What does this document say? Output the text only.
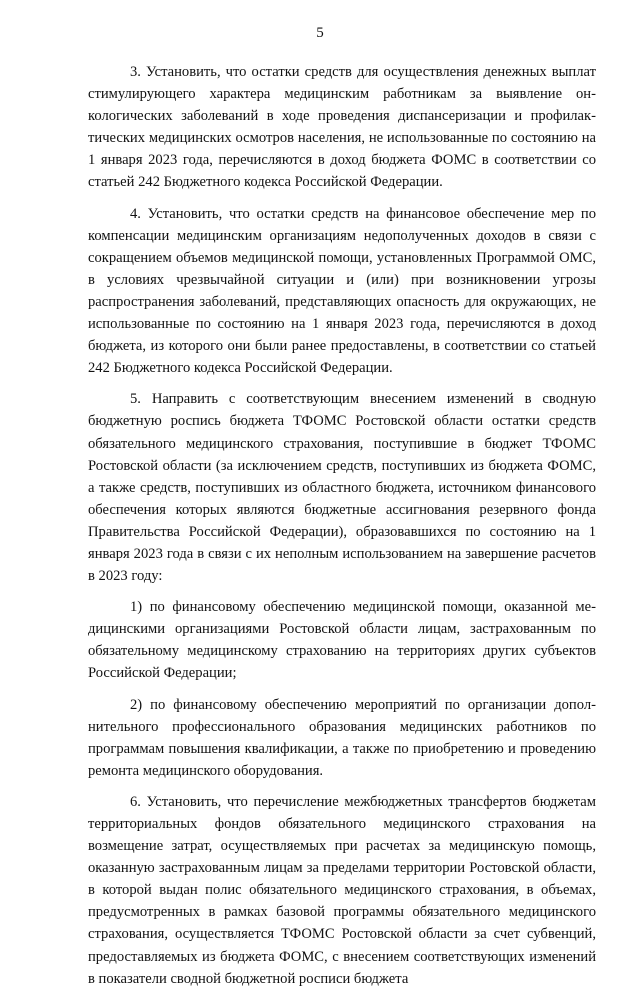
5

3. Установить, что остатки средств для осуществления денежных выплат стимулирующего характера медицинским работникам за выявление онкологических заболеваний в ходе проведения диспансеризации и профилактических медицинских осмотров населения, не использованные по состоянию на 1 января 2023 года, перечисляются в доход бюджета ФОМС в соответствии со статьей 242 Бюджетного кодекса Российской Федерации.

4. Установить, что остатки средств на финансовое обеспечение мер по компенсации медицинским организациям недополученных доходов в связи с сокращением объемов медицинской помощи, установленных Программой ОМС, в условиях чрезвычайной ситуации и (или) при возникновении угрозы распространения заболеваний, представляющих опасность для окружающих, не использованные по состоянию на 1 января 2023 года, перечисляются в доход бюджета, из которого они были ранее предоставлены, в соответствии со статьей 242 Бюджетного кодекса Российской Федерации.

5. Направить с соответствующим внесением изменений в сводную бюджетную роспись бюджета ТФОМС Ростовской области остатки средств обязательного медицинского страхования, поступившие в бюджет ТФОМС Ростовской области (за исключением средств, поступивших из бюджета ФОМС, а также средств, поступивших из областного бюджета, источником финансового обеспечения которых являются бюджетные ассигнования резервного фонда Правительства Российской Федерации), образовавшихся по состоянию на 1 января 2023 года в связи с их неполным использованием на завершение расчетов в 2023 году:

1) по финансовому обеспечению медицинской помощи, оказанной медицинскими организациями Ростовской области лицам, застрахованным по обязательному медицинскому страхованию на территориях других субъектов Российской Федерации;

2) по финансовому обеспечению мероприятий по организации дополнительного профессионального образования медицинских работников по программам повышения квалификации, а также по приобретению и проведению ремонта медицинского оборудования.

6. Установить, что перечисление межбюджетных трансфертов бюджетам территориальных фондов обязательного медицинского страхования на возмещение затрат, осуществляемых при расчетах за медицинскую помощь, оказанную застрахованным лицам за пределами территории Ростовской области, в которой выдан полис обязательного медицинского страхования, в объемах, предусмотренных в рамках базовой программы обязательного медицинского страхования, осуществляется ТФОМС Ростовской области за счет субвенций, предоставляемых из бюджета ФОМС, с внесением соответствующих изменений в показатели сводной бюджетной росписи бюджета
